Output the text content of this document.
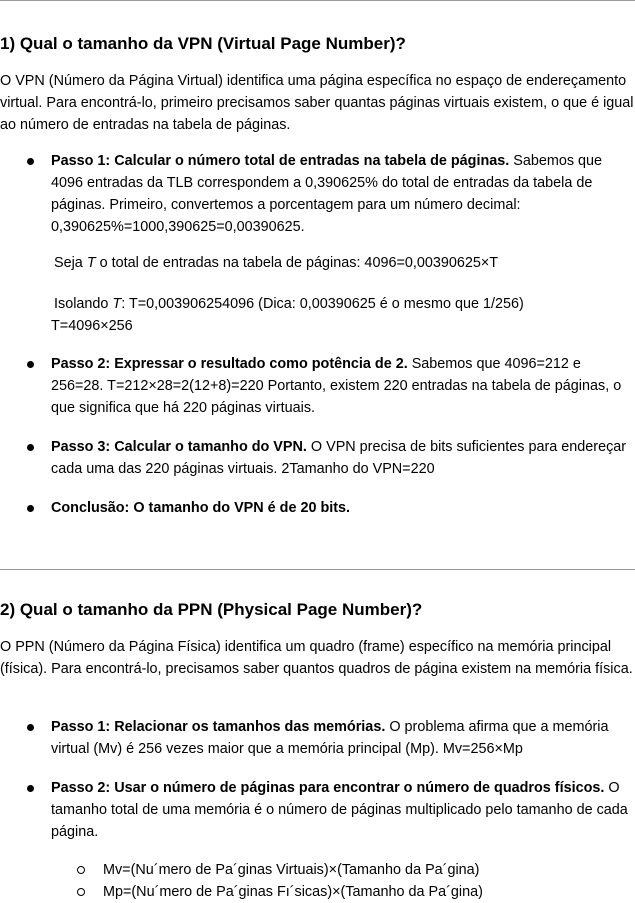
1) Qual o tamanho da VPN (Virtual Page Number)?

O VPN (Número da Página Virtual) identifica uma página específica no espaço de endereçamento virtual. Para encontrá-lo, primeiro precisamos saber quantas páginas virtuais existem, o que é igual ao número de entradas na tabela de páginas.

Passo 1: Calcular o número total de entradas na tabela de páginas. Sabemos que 4096 entradas da TLB correspondem a 0,390625% do total de entradas da tabela de páginas. Primeiro, convertemos a porcentagem para um número decimal: 0,390625%=1000,390625=0,00390625.

Seja T o total de entradas na tabela de páginas: 4096=0,00390625×T

Isolando T: T=0,003906254096 (Dica: 0,00390625 é o mesmo que 1/256)

T=4096×256

Passo 2: Expressar o resultado como potência de 2. Sabemos que 4096=212 e 256=28. T=212×28=2(12+8)=220 Portanto, existem 220 entradas na tabela de páginas, o que significa que há 220 páginas virtuais.
Passo 3: Calcular o tamanho do VPN. O VPN precisa de bits suficientes para endereçar cada uma das 220 páginas virtuais. 2Tamanho do VPN=220
Conclusão: O tamanho do VPN é de 20 bits.
2) Qual o tamanho da PPN (Physical Page Number)?

O PPN (Número da Página Física) identifica um quadro (frame) específico na memória principal (física). Para encontrá-lo, precisamos saber quantos quadros de página existem na memória física.

Passo 1: Relacionar os tamanhos das memórias. O problema afirma que a memória virtual (Mv) é 256 vezes maior que a memória principal (Mp). Mv=256×Mp
Passo 2: Usar o número de páginas para encontrar o número de quadros físicos. O tamanho total de uma memória é o número de páginas multiplicado pelo tamanho de cada página.
Mv=(Nu´mero de Pa´ginas Virtuais)×(Tamanho da Pa´gina)
Mp=(Nu´mero de Pa´ginas Fı´sicas)×(Tamanho da Pa´gina)
